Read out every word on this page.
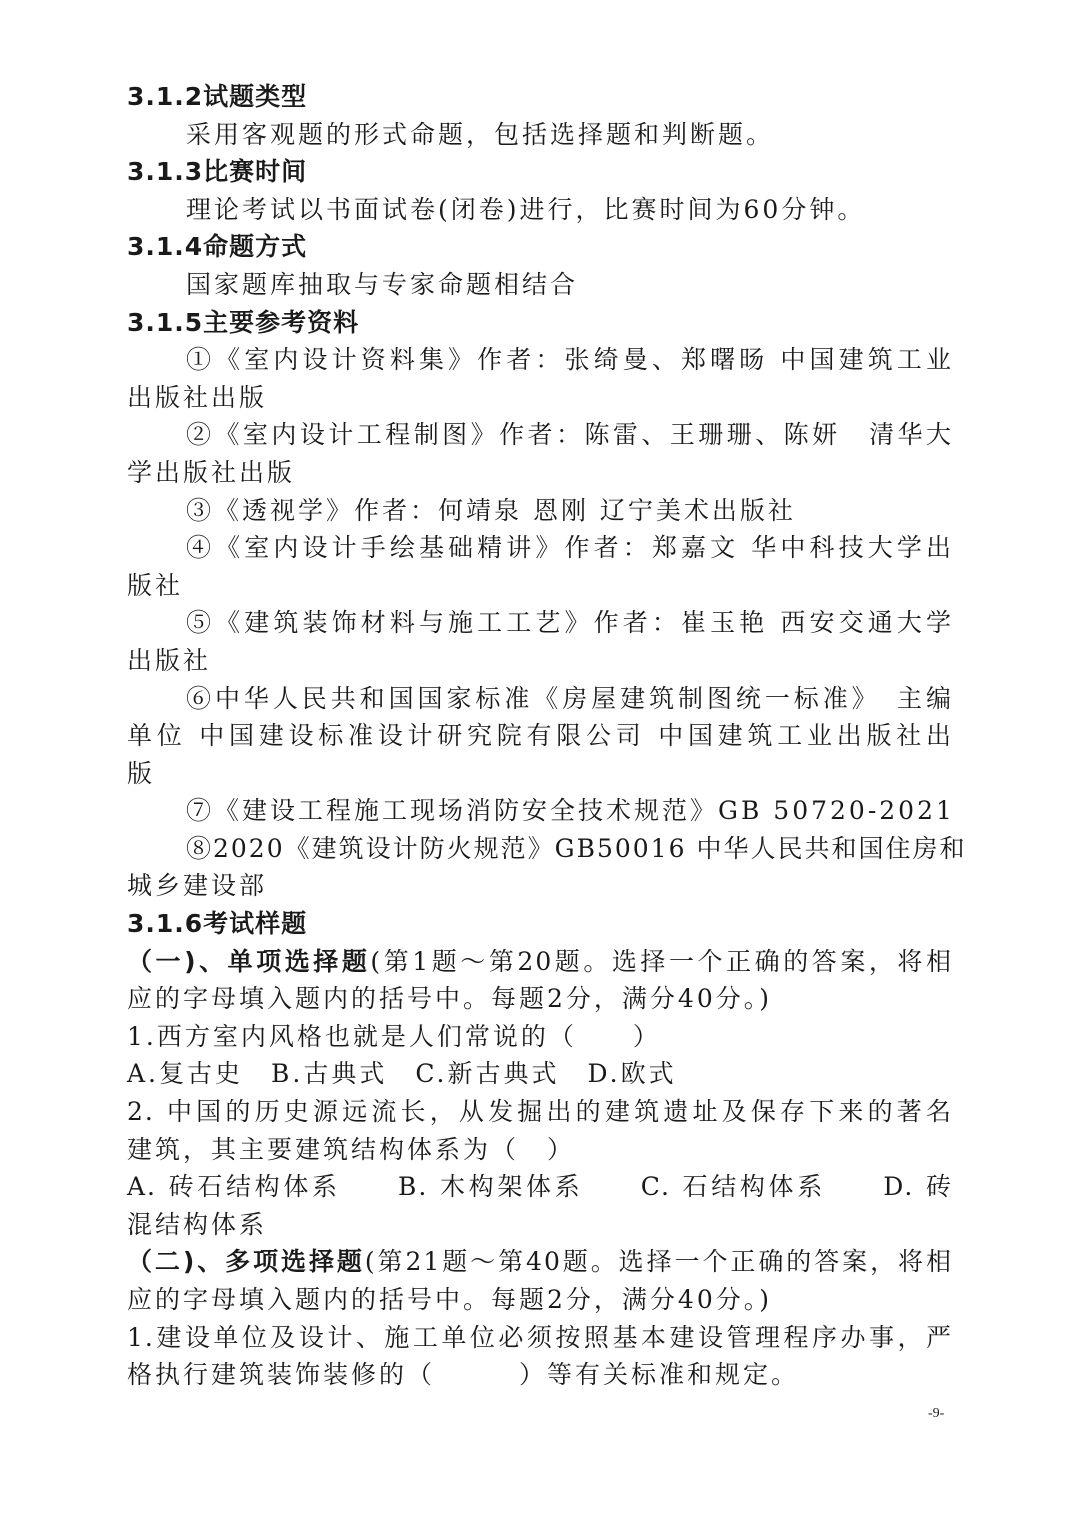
3.1.2试题类型
采用客观题的形式命题，包括选择题和判断题。
3.1.3比赛时间
理论考试以书面试卷(闭卷)进行，比赛时间为60分钟。
3.1.4命题方式
国家题库抽取与专家命题相结合
3.1.5主要参考资料
①《室内设计资料集》作者：张绮曼、郑曙旸 中国建筑工业
出版社出版
②《室内设计工程制图》作者：陈雷、王珊珊、陈妍　清华大
学出版社出版
③《透视学》作者：何靖泉 恩刚 辽宁美术出版社
④《室内设计手绘基础精讲》作者：郑嘉文 华中科技大学出
版社
⑤《建筑装饰材料与施工工艺》作者：崔玉艳 西安交通大学
出版社
⑥中华人民共和国国家标准《房屋建筑制图统一标准》　主编
单位 中国建设标准设计研究院有限公司 中国建筑工业出版社出
版
⑦《建设工程施工现场消防安全技术规范》GB 50720-2021
⑧2020《建筑设计防火规范》GB50016 中华人民共和国住房和
城乡建设部
3.1.6考试样题
（一)、单项选择题(第1题～第20题。选择一个正确的答案，将相
应的字母填入题内的括号中。每题2分，满分40分。)
1.西方室内风格也就是人们常说的（　　）
A.复古史　B.古典式　C.新古典式　D.欧式
2. 中国的历史源远流长，从发掘出的建筑遗址及保存下来的著名
建筑，其主要建筑结构体系为（　）
A. 砖石结构体系　　B. 木构架体系　　C. 石结构体系　　D. 砖
混结构体系
（二)、多项选择题(第21题～第40题。选择一个正确的答案，将相
应的字母填入题内的括号中。每题2分，满分40分。)
1.建设单位及设计、施工单位必须按照基本建设管理程序办事，严
格执行建筑装饰装修的（　　　）等有关标准和规定。
-9-
